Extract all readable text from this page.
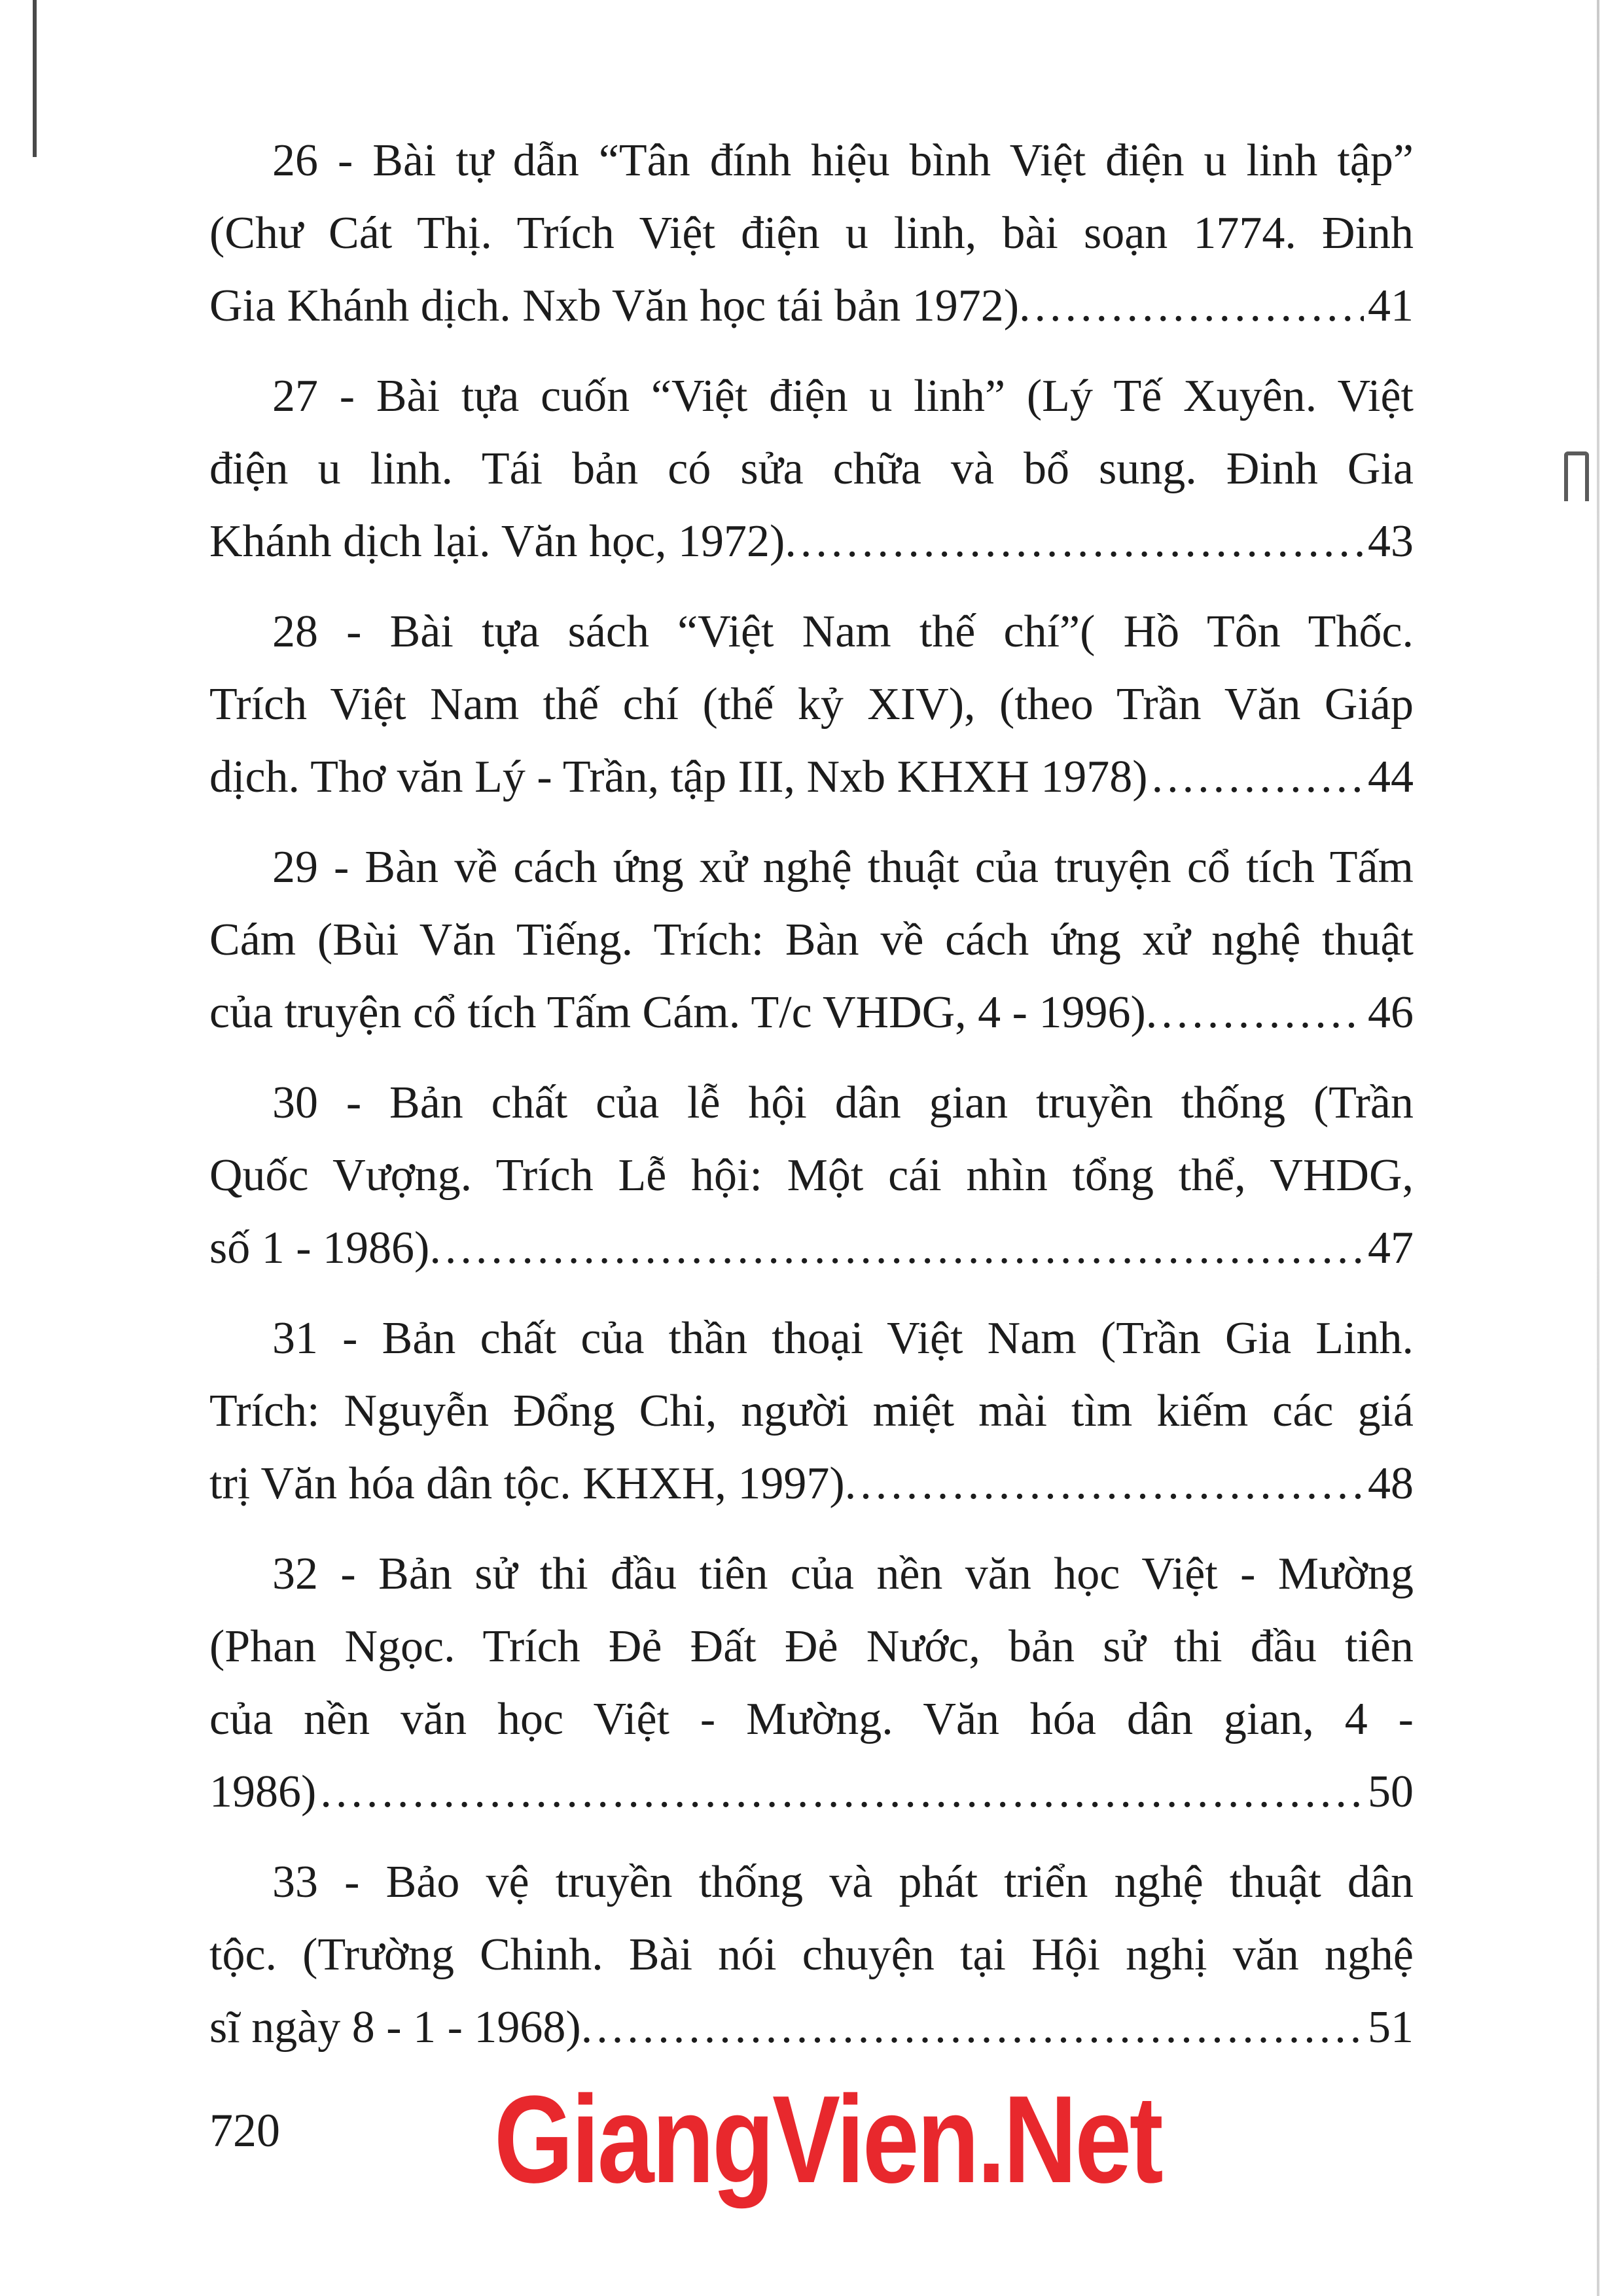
26 - Bài tự dẫn “Tân đính hiệu bình Việt điện u linh tập”
(Chư Cát Thị. Trích Việt điện u linh, bài soạn 1774. Đinh
Gia Khánh dịch. Nxb Văn học tái bản 1972). .....	41
27 - Bài tựa cuốn “Việt điện u linh” (Lý Tế Xuyên. Việt
điện u linh. Tái bản có sửa chữa và bổ sung. Đinh Gia
Khánh dịch lại. Văn học, 1972). .....	43
28 - Bài tựa sách “Việt Nam thế chí”( Hồ Tôn Thốc.
Trích Việt Nam thế chí (thế kỷ XIV), (theo Trần Văn Giáp
dịch. Thơ văn Lý - Trần, tập III, Nxb KHXH 1978) .....	44
29 - Bàn về cách ứng xử nghệ thuật của truyện cổ tích Tấm
Cám (Bùi Văn Tiếng. Trích: Bàn về cách ứng xử nghệ thuật
của truyện cổ tích Tấm Cám. T/c VHDG, 4 - 1996). .....	46
30 - Bản chất của lễ hội dân gian truyền thống (Trần
Quốc Vượng. Trích Lễ hội: Một cái nhìn tổng thể, VHDG,
số 1 - 1986). .....	47
31 - Bản chất của thần thoại Việt Nam (Trần Gia Linh.
Trích: Nguyễn Đổng Chi, người miệt mài tìm kiếm các giá
trị Văn hóa dân tộc. KHXH, 1997). .....	48
32 - Bản sử thi đầu tiên của nền văn học Việt - Mường
(Phan Ngọc. Trích Đẻ Đất Đẻ Nước, bản sử thi đầu tiên
của nền văn học Việt - Mường. Văn hóa dân gian, 4 -
1986) .....	50
33 - Bảo vệ truyền thống và phát triển nghệ thuật dân
tộc. (Trường Chinh. Bài nói chuyện tại Hội nghị văn nghệ
sĩ ngày 8 - 1 - 1968). .....	51
720 GiangVien.Net
